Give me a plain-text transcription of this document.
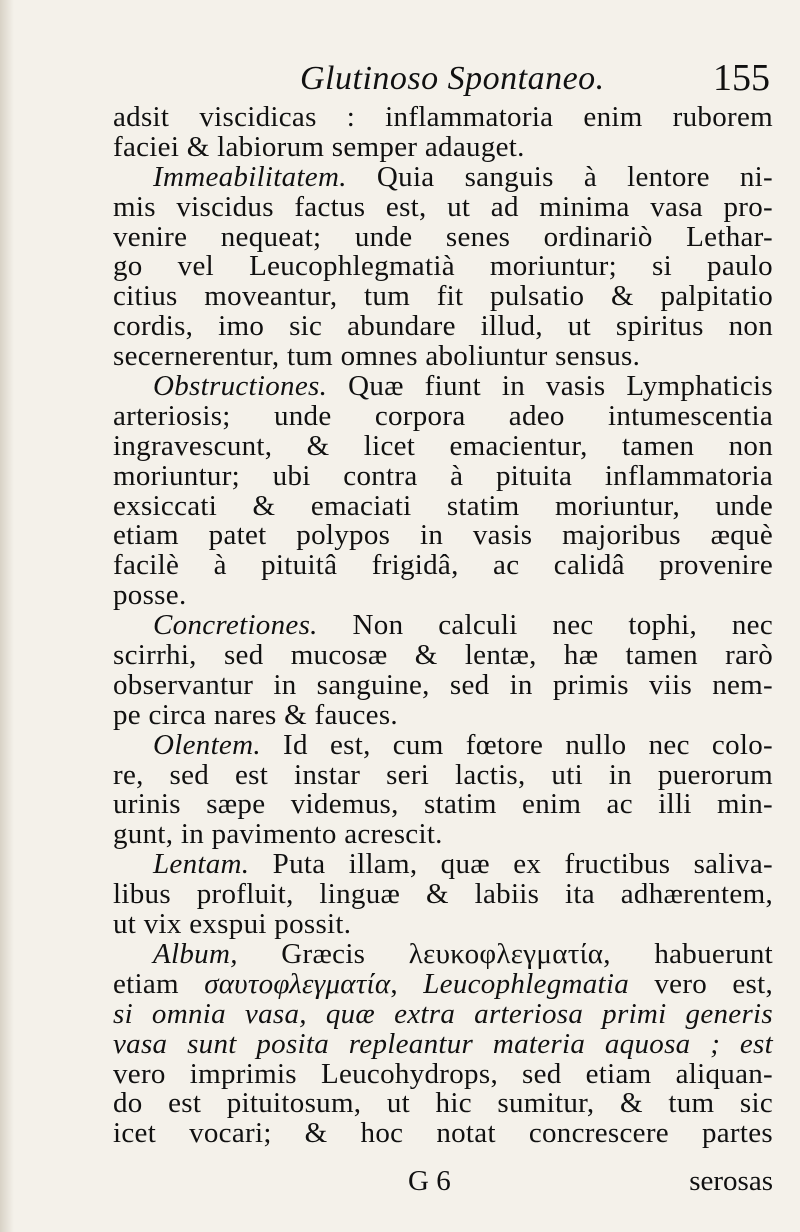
Glutinoso Spontaneo.	155
adsit viscidicas : inflammatoria enim ruborem
faciei & labiorum semper adauget.
Immeabilitatem. Quia sanguis à lentore ni-
mis viscidus factus est, ut ad minima vasa pro-
venire nequeat; unde senes ordinariò Lethar-
go vel Leucophlegmatià moriuntur; si paulo
citius moveantur, tum fit pulsatio & palpitatio
cordis, imo sic abundare illud, ut spiritus non
secernerentur, tum omnes aboliuntur sensus.
Obstructiones. Quæ fiunt in vasis Lymphaticis
arteriosis; unde corpora adeo intumescentia
ingravescunt, & licet emacientur, tamen non
moriuntur; ubi contra à pituita inflammatoria
exsiccati & emaciati statim moriuntur, unde
etiam patet polypos in vasis majoribus æquè
facilè à pituitâ frigidâ, ac calidâ provenire
posse.
Concretiones. Non calculi nec tophi, nec
scirrhi, sed mucosæ & lentæ, hæ tamen rarò
observantur in sanguine, sed in primis viis nem-
pe circa nares & fauces.
Olentem. Id est, cum fœtore nullo nec colo-
re, sed est instar seri lactis, uti in puerorum
urinis sæpe videmus, statim enim ac illi min-
gunt, in pavimento acrescit.
Lentam. Puta illam, quæ ex fructibus saliva-
libus profluit, linguæ & labiis ita adhærentem,
ut vix exspui possit.
Album, Græcis λευκοφλεγματία, habuerunt
etiam σαυτοφλεγματία, Leucophlegmatia vero est,
si omnia vasa, quæ extra arteriosa primi generis
vasa sunt posita repleantur materia aquosa ; est
vero imprimis Leucohydrops, sed etiam aliquan-
do est pituitosum, ut hic sumitur, & tum sic
icet vocari; & hoc notat concrescere partes
G 6	serosas
